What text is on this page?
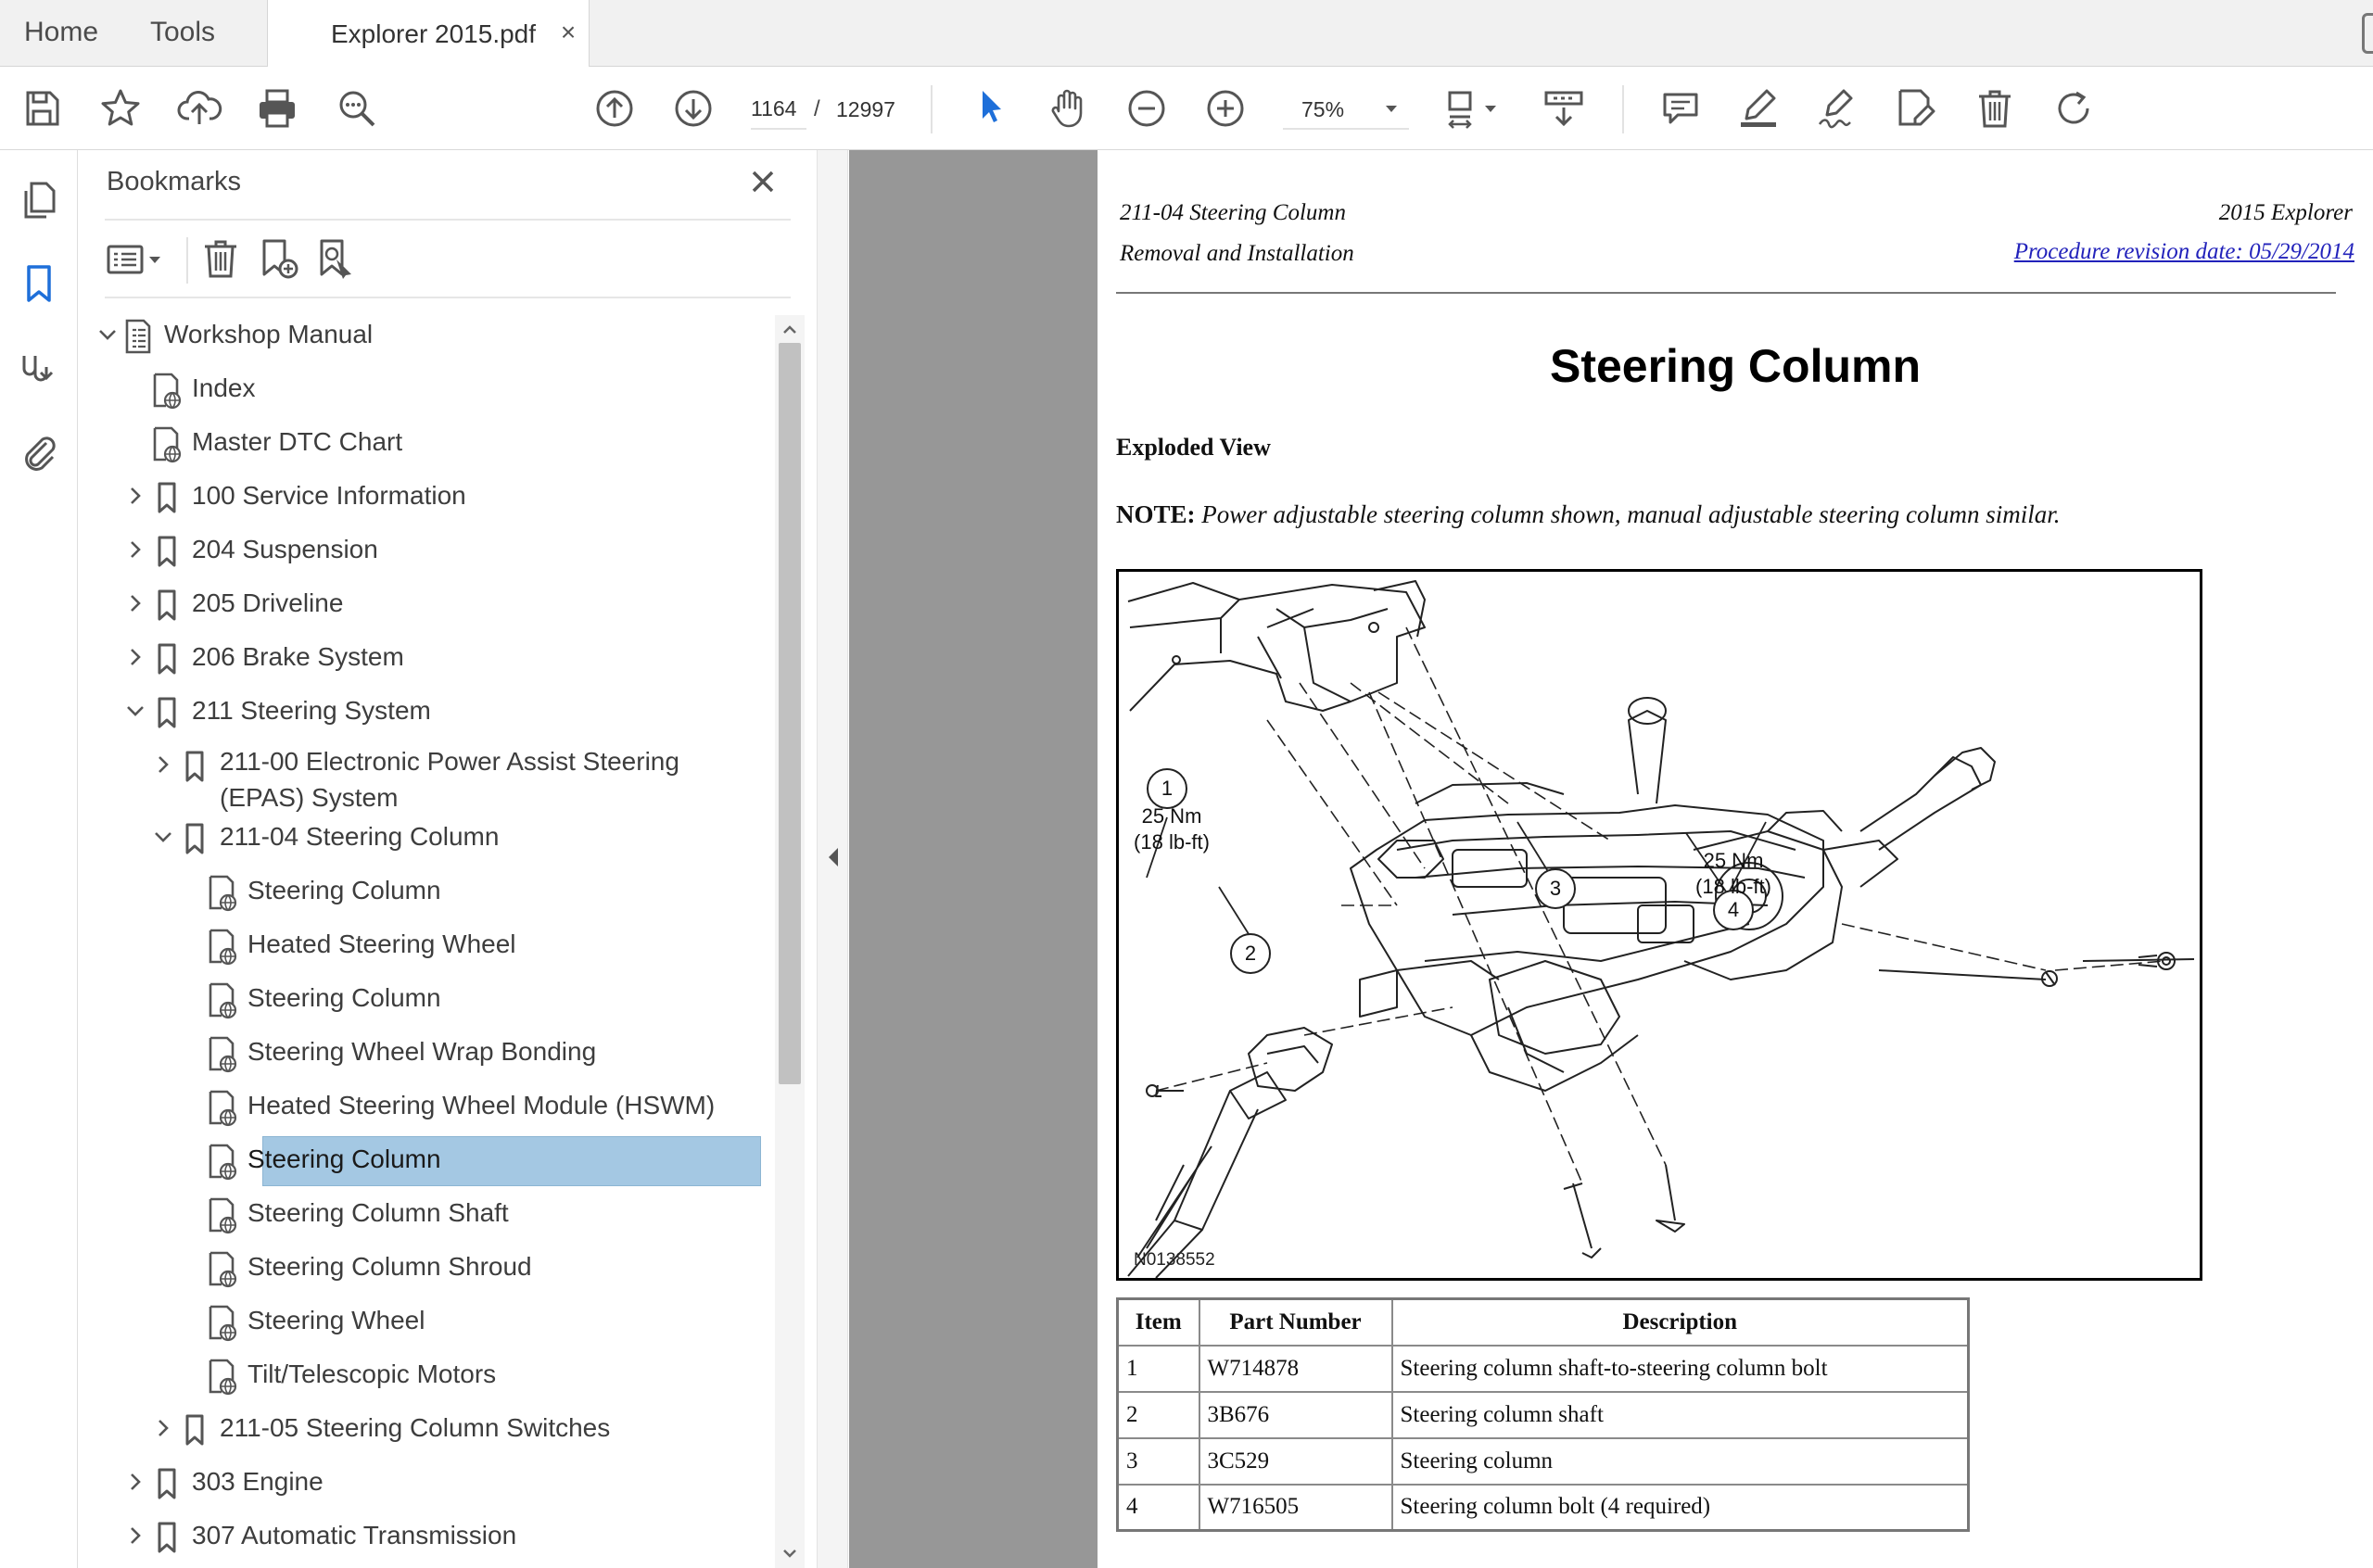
Home Tools	Explorer 2015.pdf ×
1164
/ 12997	75%
Bookmarks
Workshop Manual
Index
Master DTC Chart
100 Service Information
204 Suspension
205 Driveline
206 Brake System
211 Steering System
211-00 Electronic Power Assist Steering (EPAS) System
211-04 Steering Column
Steering Column
Heated Steering Wheel
Steering Column
Steering Wheel Wrap Bonding
Heated Steering Wheel Module (HSWM)
Steering Column
Steering Column Shaft
Steering Column Shroud
Steering Wheel
Tilt/Telescopic Motors
211-05 Steering Column Switches
303 Engine
307 Automatic Transmission
211-04 Steering Column
Removal and Installation
2015 Explorer
Procedure revision date: 05/29/2014
Steering Column
Exploded View
NOTE: Power adjustable steering column shown, manual adjustable steering column similar.
1
2
3
4
25 Nm
(18 lb-ft)
25 Nm
(18 lb-ft)
N0138552
Item	Part Number	Description
1	W714878	Steering column shaft-to-steering column bolt
2	3B676	Steering column shaft
3	3C529	Steering column
4	W716505	Steering column bolt (4 required)
